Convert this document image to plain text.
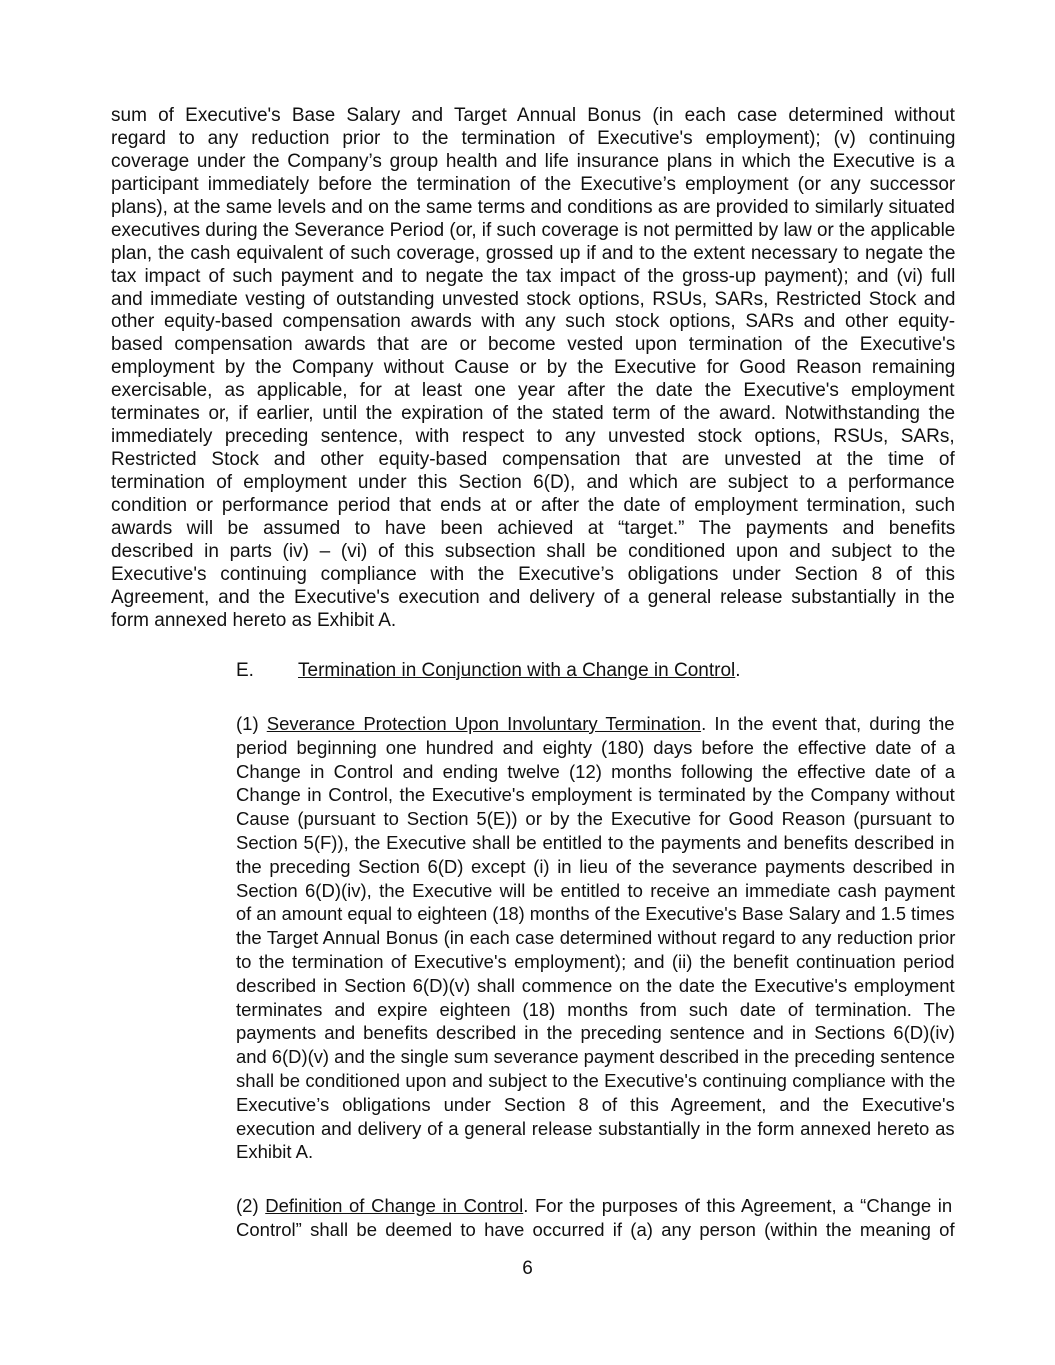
sum of Executive's Base Salary and Target Annual Bonus (in each case determined without
regard to any reduction prior to the termination of Executive's employment); (v) continuing
coverage under the Company’s group health and life insurance plans in which the Executive is a
participant immediately before the termination of the Executive’s employment (or any successor
plans), at the same levels and on the same terms and conditions as are provided to similarly situated
executives during the Severance Period (or, if such coverage is not permitted by law or the applicable
plan, the cash equivalent of such coverage, grossed up if and to the extent necessary to negate the
tax impact of such payment and to negate the tax impact of the gross-up payment); and (vi) full
and immediate vesting of outstanding unvested stock options, RSUs, SARs, Restricted Stock and
other equity-based compensation awards with any such stock options, SARs and other equity-
based compensation awards that are or become vested upon termination of the Executive's
employment by the Company without Cause or by the Executive for Good Reason remaining
exercisable, as applicable, for at least one year after the date the Executive's employment
terminates or, if earlier, until the expiration of the stated term of the award. Notwithstanding the
immediately preceding sentence, with respect to any unvested stock options, RSUs, SARs,
Restricted Stock and other equity-based compensation that are unvested at the time of
termination of employment under this Section 6(D), and which are subject to a performance
condition or performance period that ends at or after the date of employment termination, such
awards will be assumed to have been achieved at “target.” The payments and benefits
described in parts (iv) – (vi) of this subsection shall be conditioned upon and subject to the
Executive's continuing compliance with the Executive’s obligations under Section 8 of this
Agreement, and the Executive's execution and delivery of a general release substantially in the
form annexed hereto as Exhibit A.
E. Termination in Conjunction with a Change in Control.
(1) Severance Protection Upon Involuntary Termination. In the event that, during the
period beginning one hundred and eighty (180) days before the effective date of a
Change in Control and ending twelve (12) months following the effective date of a
Change in Control, the Executive's employment is terminated by the Company without
Cause (pursuant to Section 5(E)) or by the Executive for Good Reason (pursuant to
Section 5(F)), the Executive shall be entitled to the payments and benefits described in
the preceding Section 6(D) except (i) in lieu of the severance payments described in
Section 6(D)(iv), the Executive will be entitled to receive an immediate cash payment
of an amount equal to eighteen (18) months of the Executive's Base Salary and 1.5 times
the Target Annual Bonus (in each case determined without regard to any reduction prior
to the termination of Executive's employment); and (ii) the benefit continuation period
described in Section 6(D)(v) shall commence on the date the Executive's employment
terminates and expire eighteen (18) months from such date of termination. The
payments and benefits described in the preceding sentence and in Sections 6(D)(iv)
and 6(D)(v) and the single sum severance payment described in the preceding sentence
shall be conditioned upon and subject to the Executive's continuing compliance with the
Executive’s obligations under Section 8 of this Agreement, and the Executive's
execution and delivery of a general release substantially in the form annexed hereto as
Exhibit A.
(2) Definition of Change in Control. For the purposes of this Agreement, a “Change in
Control” shall be deemed to have occurred if (a) any person (within the meaning of
6
